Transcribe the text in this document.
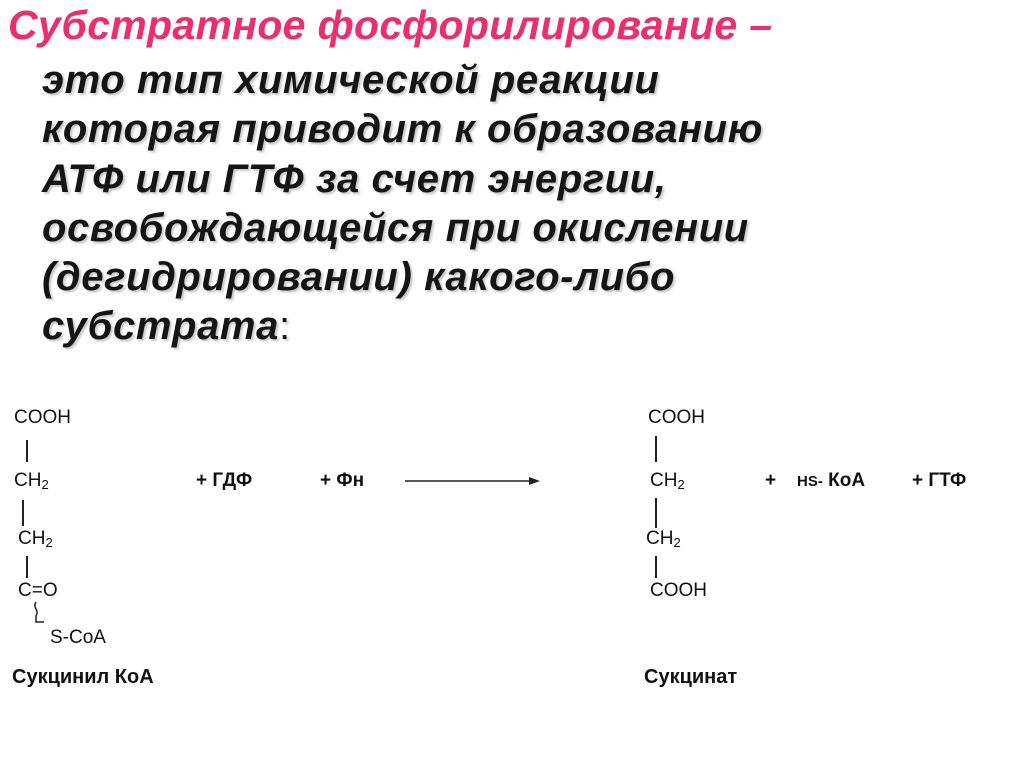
Субстратное фосфорилирование –
это тип химической реакции
которая приводит к образованию
АТФ или ГТФ за счет энергии,
освобождающейся при окислении
(дегидрировании) какого-либо
субстрата:
COOH
$CH_2$
$CH_2$
C=O
S-CoA
+ ГДФ	+ Фн
COOH
$CH_2$
$CH_2$
COOH
+ HS- КоА + ГТФ
Сукцинил КоА	Сукцинат
